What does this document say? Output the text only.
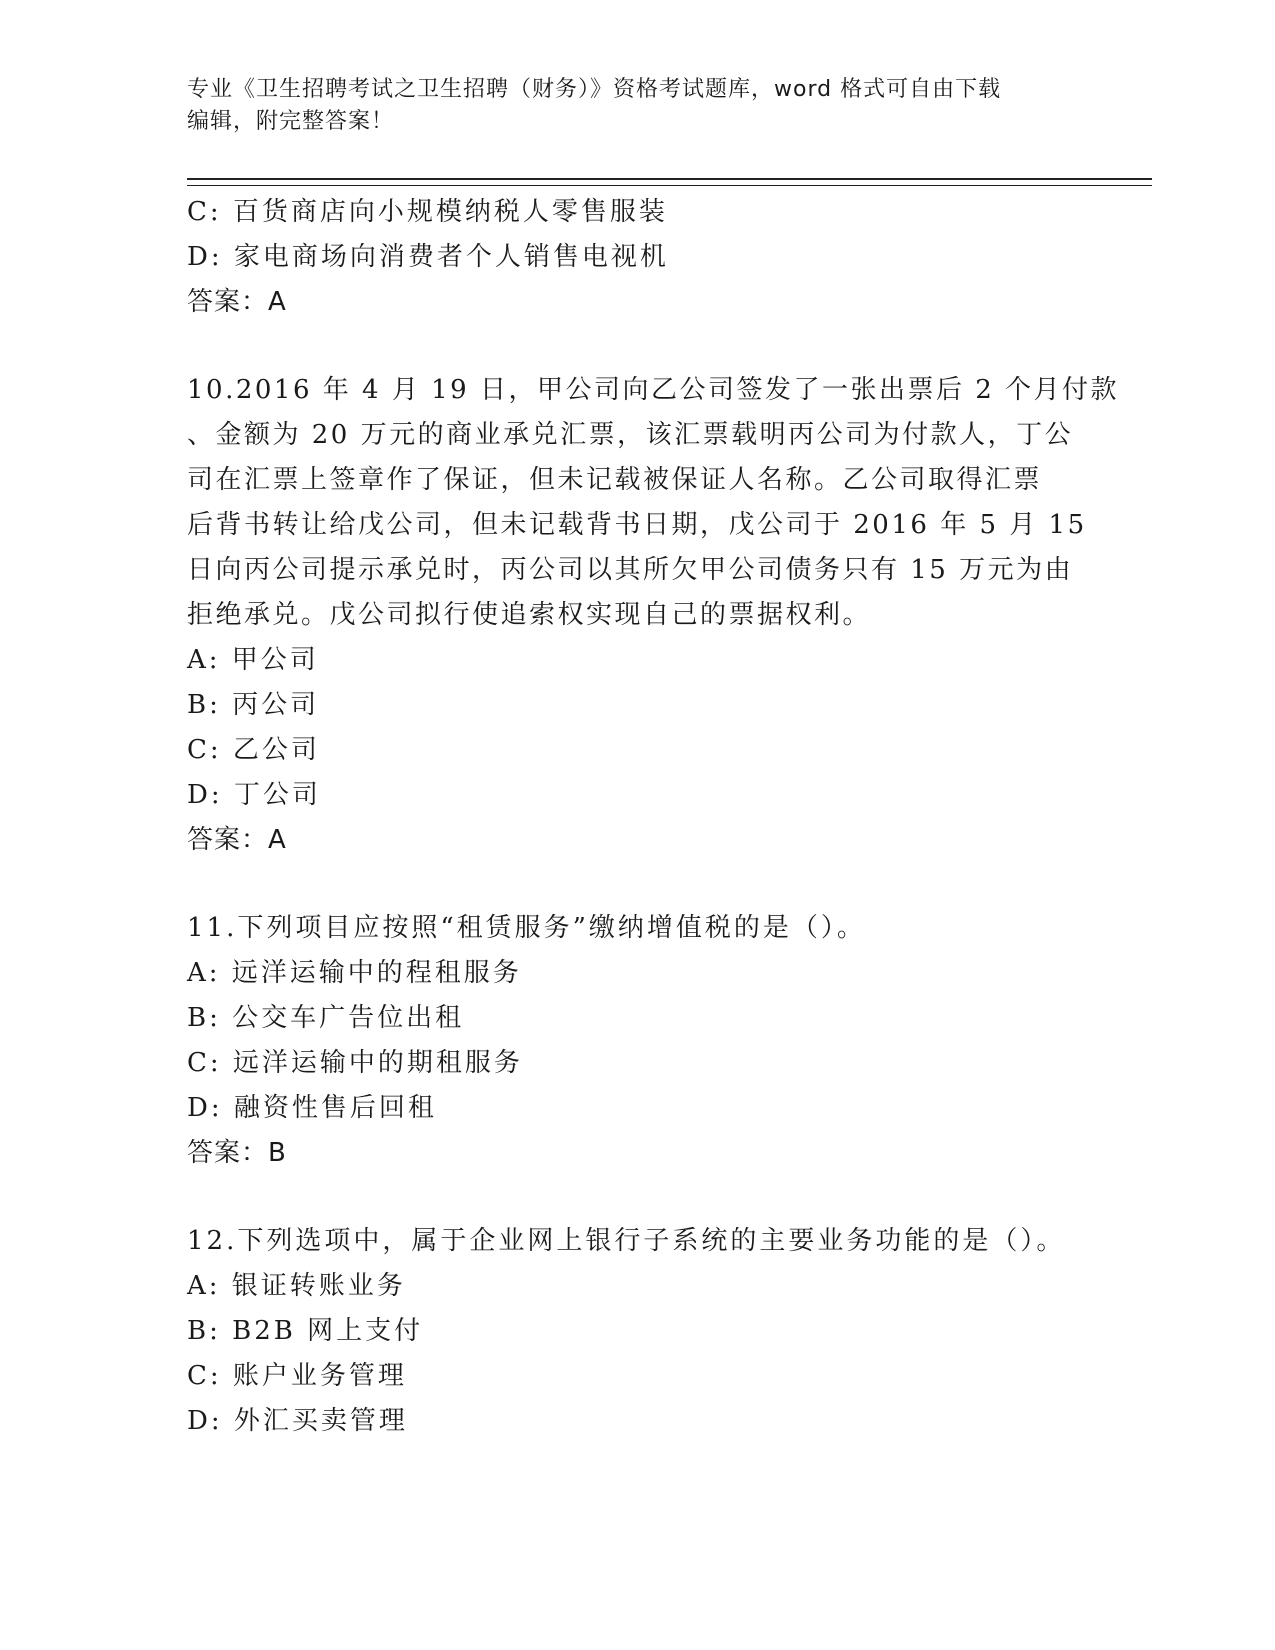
专业《卫生招聘考试之卫生招聘（财务）》资格考试题库，word 格式可自由下载
编辑，附完整答案！
C: 百货商店向小规模纳税人零售服装
D: 家电商场向消费者个人销售电视机
答案：A
10.2016 年 4 月 19 日，甲公司向乙公司签发了一张出票后 2 个月付款
、金额为 20 万元的商业承兑汇票，该汇票载明丙公司为付款人，丁公
司在汇票上签章作了保证，但未记载被保证人名称。乙公司取得汇票
后背书转让给戊公司，但未记载背书日期，戊公司于 2016 年 5 月 15
日向丙公司提示承兑时，丙公司以其所欠甲公司债务只有 15 万元为由
拒绝承兑。戊公司拟行使追索权实现自己的票据权利。
A: 甲公司
B: 丙公司
C: 乙公司
D: 丁公司
答案：A
11.下列项目应按照“租赁服务”缴纳增值税的是（）。
A: 远洋运输中的程租服务
B: 公交车广告位出租
C: 远洋运输中的期租服务
D: 融资性售后回租
答案：B
12.下列选项中，属于企业网上银行子系统的主要业务功能的是（）。
A: 银证转账业务
B: B2B 网上支付
C: 账户业务管理
D: 外汇买卖管理
